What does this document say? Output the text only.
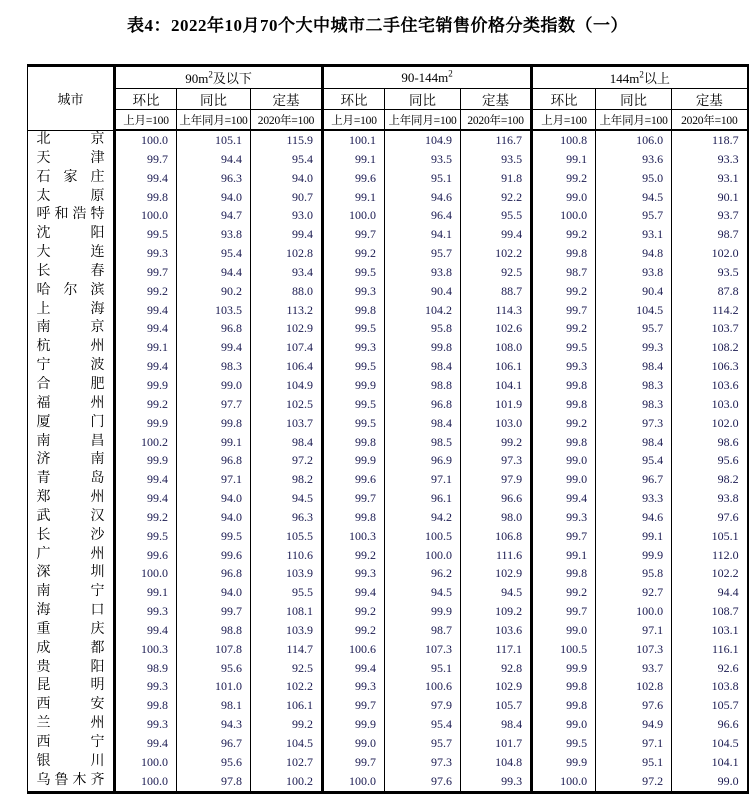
表4：2022年10月70个大中城市二手住宅销售价格分类指数（一）
城市	$90m^2$及以下			$90-144m^2$			$144m^2$以上		
	环比	同比	定基	环比	同比	定基	环比	同比	定基
	上月=100	上年同月=100	2020年=100	上月=100	上年同月=100	2020年=100	上月=100	上年同月=100	2020年=100

北京	100.0	105.1	115.9	100.1	104.9	116.7	100.8	106.0	118.7

天津	99.7	94.4	95.4	99.1	93.5	93.5	99.1	93.6	93.3

石家庄	99.4	96.3	94.0	99.6	95.1	91.8	99.2	95.0	93.1

太原	99.8	94.0	90.7	99.1	94.6	92.2	99.0	94.5	90.1

呼和浩特	100.0	94.7	93.0	100.0	96.4	95.5	100.0	95.7	93.7

沈阳	99.5	93.8	99.4	99.7	94.1	99.4	99.2	93.1	98.7

大连	99.3	95.4	102.8	99.2	95.7	102.2	99.8	94.8	102.0

长春	99.7	94.4	93.4	99.5	93.8	92.5	98.7	93.8	93.5

哈尔滨	99.2	90.2	88.0	99.3	90.4	88.7	99.2	90.4	87.8

上海	99.4	103.5	113.2	99.8	104.2	114.3	99.7	104.5	114.2

南京	99.4	96.8	102.9	99.5	95.8	102.6	99.2	95.7	103.7

杭州	99.1	99.4	107.4	99.3	99.8	108.0	99.5	99.3	108.2

宁波	99.4	98.3	106.4	99.5	98.4	106.1	99.3	98.4	106.3

合肥	99.9	99.0	104.9	99.9	98.8	104.1	99.8	98.3	103.6

福州	99.2	97.7	102.5	99.5	96.8	101.9	99.8	98.3	103.0

厦门	99.9	99.8	103.7	99.5	98.4	103.0	99.2	97.3	102.0

南昌	100.2	99.1	98.4	99.8	98.5	99.2	99.8	98.4	98.6

济南	99.9	96.8	97.2	99.9	96.9	97.3	99.0	95.4	95.6

青岛	99.4	97.1	98.2	99.6	97.1	97.9	99.0	96.7	98.2

郑州	99.4	94.0	94.5	99.7	96.1	96.6	99.4	93.3	93.8

武汉	99.2	94.0	96.3	99.8	94.2	98.0	99.3	94.6	97.6

长沙	99.5	99.5	105.5	100.3	100.5	106.8	99.7	99.1	105.1

广州	99.6	99.6	110.6	99.2	100.0	111.6	99.1	99.9	112.0

深圳	100.0	96.8	103.9	99.3	96.2	102.9	99.8	95.8	102.2

南宁	99.1	94.0	95.5	99.4	94.5	94.5	99.2	92.7	94.4

海口	99.3	99.7	108.1	99.2	99.9	109.2	99.7	100.0	108.7

重庆	99.4	98.8	103.9	99.2	98.7	103.6	99.0	97.1	103.1

成都	100.3	107.8	114.7	100.6	107.3	117.1	100.5	107.3	116.1

贵阳	98.9	95.6	92.5	99.4	95.1	92.8	99.9	93.7	92.6

昆明	99.3	101.0	102.2	99.3	100.6	102.9	99.8	102.8	103.8

西安	99.8	98.1	106.1	99.7	97.9	105.7	99.8	97.6	105.7

兰州	99.3	94.3	99.2	99.9	95.4	98.4	99.0	94.9	96.6

西宁	99.4	96.7	104.5	99.0	95.7	101.7	99.5	97.1	104.5

银川	100.0	95.6	102.7	99.7	97.3	104.8	99.9	95.1	104.1

乌鲁木齐	100.0	97.8	100.2	100.0	97.6	99.3	100.0	97.2	99.0
